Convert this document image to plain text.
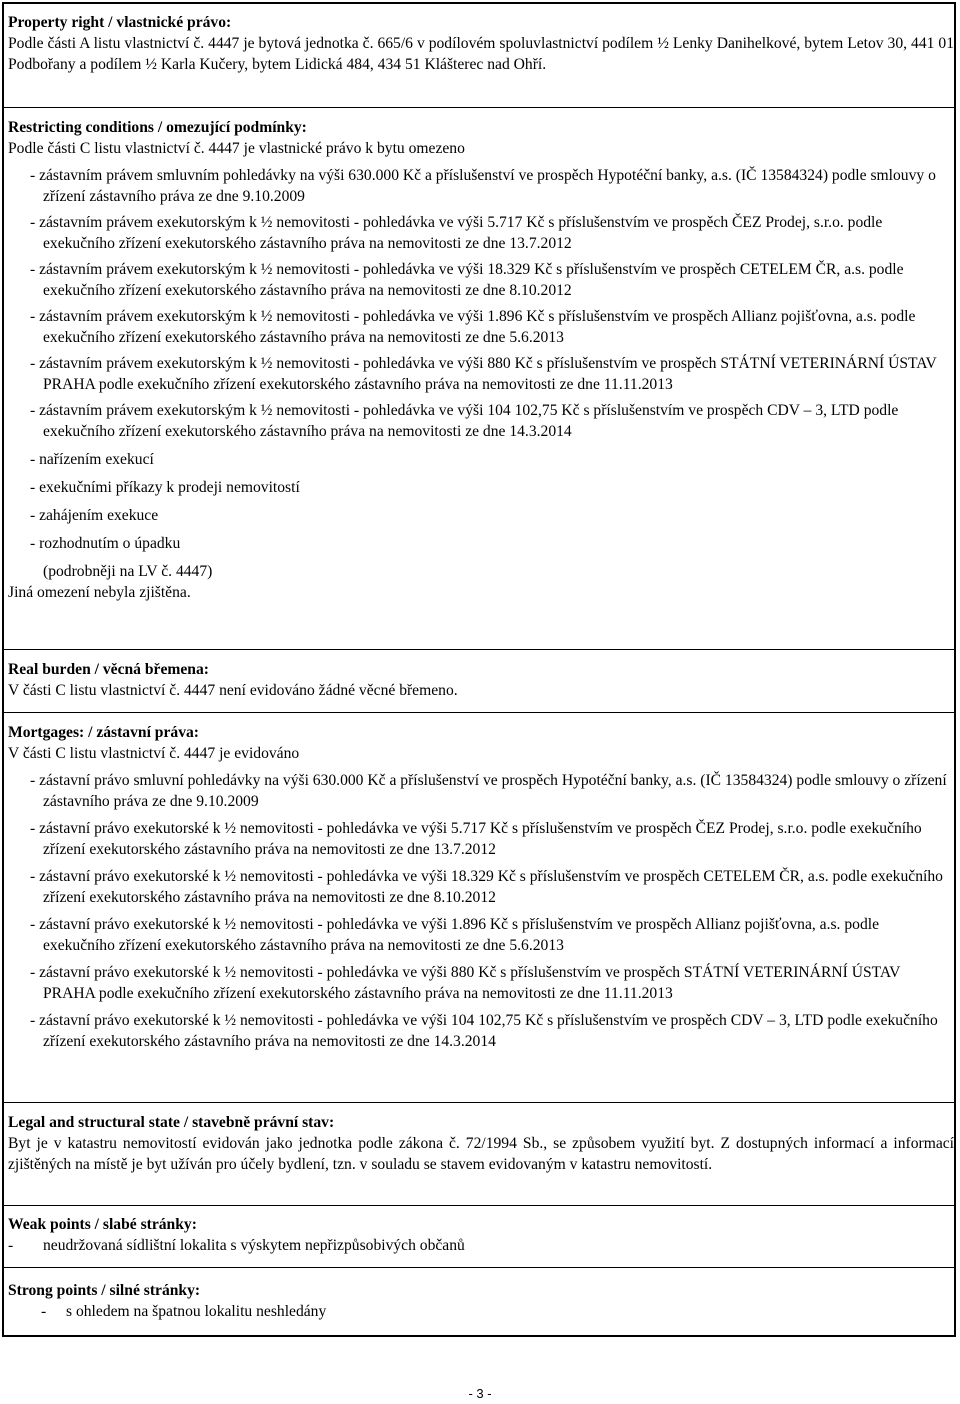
Property right / vlastnické právo:

Podle části A listu vlastnictví č. 4447 je bytová jednotka č. 665/6 v podílovém spoluvlastnictví podílem ½ Lenky Danihelkové, bytem Letov 30, 441 01 Podbořany a podílem ½ Karla Kučery, bytem Lidická 484, 434 51 Klášterec nad Ohří.

Restricting conditions / omezující podmínky:

Podle části C listu vlastnictví č. 4447 je vlastnické právo k bytu omezeno

- zástavním právem smluvním pohledávky na výši 630.000 Kč a příslušenství ve prospěch Hypotéční banky, a.s. (IČ 13584324) podle smlouvy o zřízení zástavního práva ze dne 9.10.2009

- zástavním právem exekutorským k ½ nemovitosti - pohledávka ve výši 5.717 Kč s příslušenstvím ve prospěch ČEZ Prodej, s.r.o. podle exekučního zřízení exekutorského zástavního práva na nemovitosti ze dne 13.7.2012

- zástavním právem exekutorským k ½ nemovitosti - pohledávka ve výši 18.329 Kč s příslušenstvím ve prospěch CETELEM ČR, a.s. podle exekučního zřízení exekutorského zástavního práva na nemovitosti ze dne 8.10.2012

- zástavním právem exekutorským k ½ nemovitosti - pohledávka ve výši 1.896 Kč s příslušenstvím ve prospěch Allianz pojišťovna, a.s. podle exekučního zřízení exekutorského zástavního práva na nemovitosti ze dne 5.6.2013

- zástavním právem exekutorským k ½ nemovitosti - pohledávka ve výši 880 Kč s příslušenstvím ve prospěch STÁTNÍ VETERINÁRNÍ ÚSTAV PRAHA podle exekučního zřízení exekutorského zástavního práva na nemovitosti ze dne 11.11.2013

- zástavním právem exekutorským k ½ nemovitosti - pohledávka ve výši 104 102,75 Kč s příslušenstvím ve prospěch CDV – 3, LTD podle exekučního zřízení exekutorského zástavního práva na nemovitosti ze dne 14.3.2014

- nařízením exekucí

- exekučními příkazy k prodeji nemovitostí

- zahájením exekuce

- rozhodnutím o úpadku

(podrobněji na LV č. 4447)

Jiná omezení nebyla zjištěna.

Real burden / věcná břemena:

V části C listu vlastnictví č. 4447 není evidováno žádné věcné břemeno.

Mortgages: / zástavní práva:

V části C listu vlastnictví č. 4447 je evidováno

- zástavní právo smluvní pohledávky na výši 630.000 Kč a příslušenství ve prospěch Hypotéční banky, a.s. (IČ 13584324) podle smlouvy o zřízení zástavního práva ze dne 9.10.2009

- zástavní právo exekutorské k ½ nemovitosti - pohledávka ve výši 5.717 Kč s příslušenstvím ve prospěch ČEZ Prodej, s.r.o. podle exekučního zřízení exekutorského zástavního práva na nemovitosti ze dne 13.7.2012

- zástavní právo exekutorské k ½ nemovitosti - pohledávka ve výši 18.329 Kč s příslušenstvím ve prospěch CETELEM ČR, a.s. podle exekučního zřízení exekutorského zástavního práva na nemovitosti ze dne 8.10.2012

- zástavní právo exekutorské k ½ nemovitosti - pohledávka ve výši 1.896 Kč s příslušenstvím ve prospěch Allianz pojišťovna, a.s. podle exekučního zřízení exekutorského zástavního práva na nemovitosti ze dne 5.6.2013

- zástavní právo exekutorské k ½ nemovitosti - pohledávka ve výši 880 Kč s příslušenstvím ve prospěch STÁTNÍ VETERINÁRNÍ ÚSTAV PRAHA podle exekučního zřízení exekutorského zástavního práva na nemovitosti ze dne 11.11.2013

- zástavní právo exekutorské k ½ nemovitosti - pohledávka ve výši 104 102,75 Kč s příslušenstvím ve prospěch CDV – 3, LTD podle exekučního zřízení exekutorského zástavního práva na nemovitosti ze dne 14.3.2014

Legal and structural state / stavebně právní stav:

Byt je v katastru nemovitostí evidován jako jednotka podle zákona č. 72/1994 Sb., se způsobem využití byt. Z dostupných informací a informací zjištěných na místě je byt užíván pro účely bydlení, tzn. v souladu se stavem evidovaným v katastru nemovitostí.

Weak points / slabé stránky:

- neudržovaná sídlištní lokalita s výskytem nepřizpůsobivých občanů

Strong points / silné stránky:

- s ohledem na špatnou lokalitu neshledány

- 3 -
